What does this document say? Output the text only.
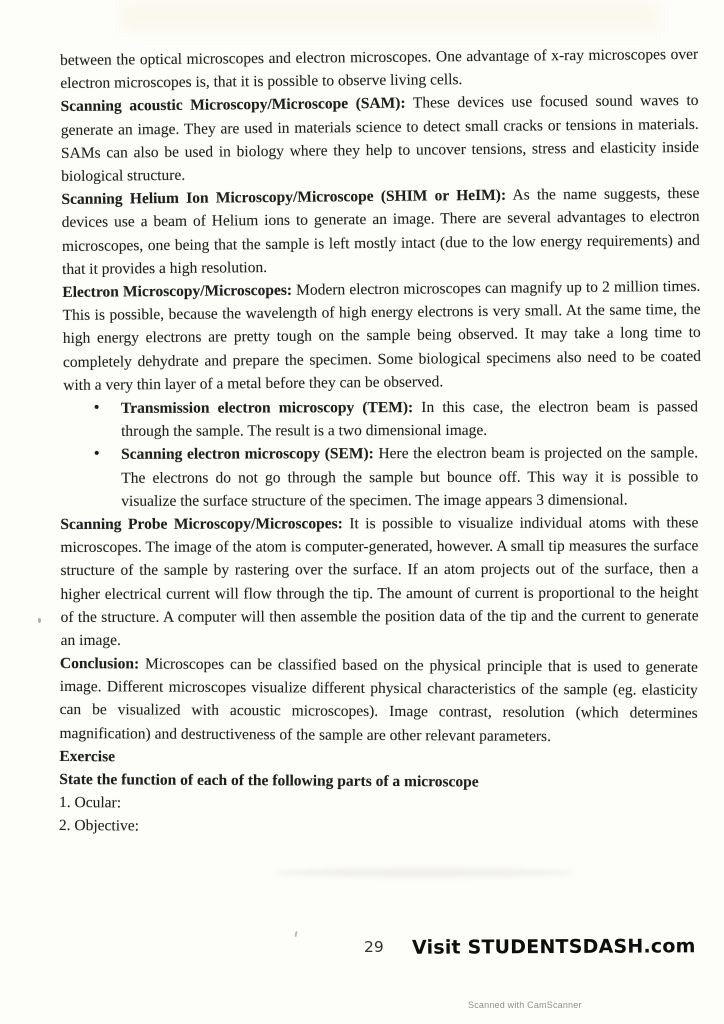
between the optical microscopes and electron microscopes. One advantage of x-ray microscopes over electron microscopes is, that it is possible to observe living cells.

Scanning acoustic Microscopy/Microscope (SAM): These devices use focused sound waves to generate an image. They are used in materials science to detect small cracks or tensions in materials. SAMs can also be used in biology where they help to uncover tensions, stress and elasticity inside biological structure.

Scanning Helium Ion Microscopy/Microscope (SHIM or HeIM): As the name suggests, these devices use a beam of Helium ions to generate an image. There are several advantages to electron microscopes, one being that the sample is left mostly intact (due to the low energy requirements) and that it provides a high resolution.

Electron Microscopy/Microscopes: Modern electron microscopes can magnify up to 2 million times. This is possible, because the wavelength of high energy electrons is very small. At the same time, the high energy electrons are pretty tough on the sample being observed. It may take a long time to completely dehydrate and prepare the specimen. Some biological specimens also need to be coated with a very thin layer of a metal before they can be observed.

• Transmission electron microscopy (TEM): In this case, the electron beam is passed through the sample. The result is a two dimensional image.
• Scanning electron microscopy (SEM): Here the electron beam is projected on the sample. The electrons do not go through the sample but bounce off. This way it is possible to visualize the surface structure of the specimen. The image appears 3 dimensional.

Scanning Probe Microscopy/Microscopes: It is possible to visualize individual atoms with these microscopes. The image of the atom is computer-generated, however. A small tip measures the surface structure of the sample by rastering over the surface. If an atom projects out of the surface, then a higher electrical current will flow through the tip. The amount of current is proportional to the height of the structure. A computer will then assemble the position data of the tip and the current to generate an image.

Conclusion: Microscopes can be classified based on the physical principle that is used to generate image. Different microscopes visualize different physical characteristics of the sample (eg. elasticity can be visualized with acoustic microscopes). Image contrast, resolution (which determines magnification) and destructiveness of the sample are other relevant parameters.

Exercise

State the function of each of the following parts of a microscope

1. Ocular:

2. Objective:

29 Visit STUDENTSDASH.com
Scanned with CamScanner
